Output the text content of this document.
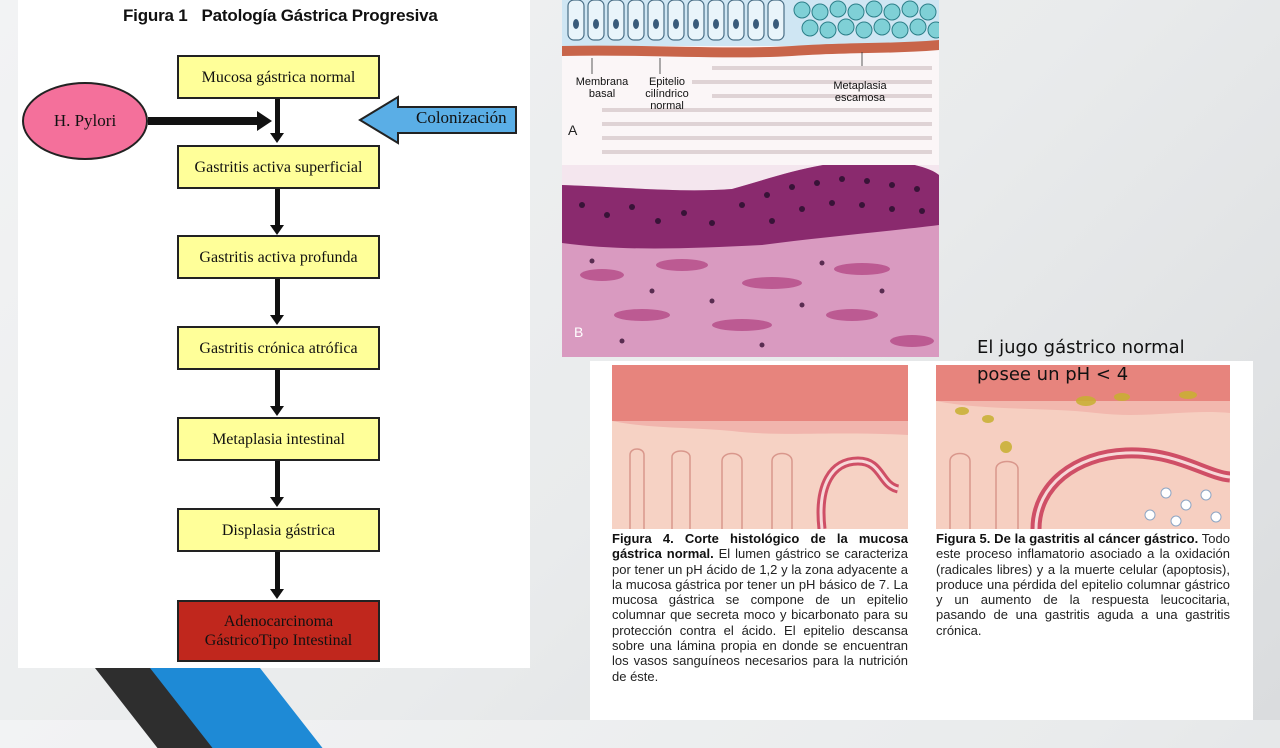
Figura 1 Patología Gástrica Progresiva
Mucosa gástrica normal
H. Pylori	Colonización
Gastritis activa superficial
Gastritis activa profunda
Gastritis crónica atrófica
Metaplasia intestinal
Displasia gástrica
Adenocarcinoma
GástricoTipo Intestinal
Membrana
basal
Epitelio
cilíndrico
normal
Metaplasia
escamosa
A
B
Figura 4. Corte histológico de la mucosa gástrica normal. El lumen gástrico se caracteriza por tener un pH ácido de 1,2 y la zona adyacente a la mucosa gástrica por tener un pH básico de 7. La mucosa gástrica se compone de un epitelio columnar que secreta moco y bicarbonato para su protección contra el ácido. El epitelio descansa sobre una lámina propia en donde se encuentran los vasos sanguíneos necesarios para la nutrición de éste.
Figura 5. De la gastritis al cáncer gástrico. Todo este proceso inflamatorio asociado a la oxidación (radicales libres) y a la muerte celular (apoptosis), produce una pérdida del epitelio columnar gástrico y un aumento de la respuesta leucocitaria, pasando de una gastritis aguda a una gastritis crónica.
El jugo gástrico normal
posee un pH < 4
